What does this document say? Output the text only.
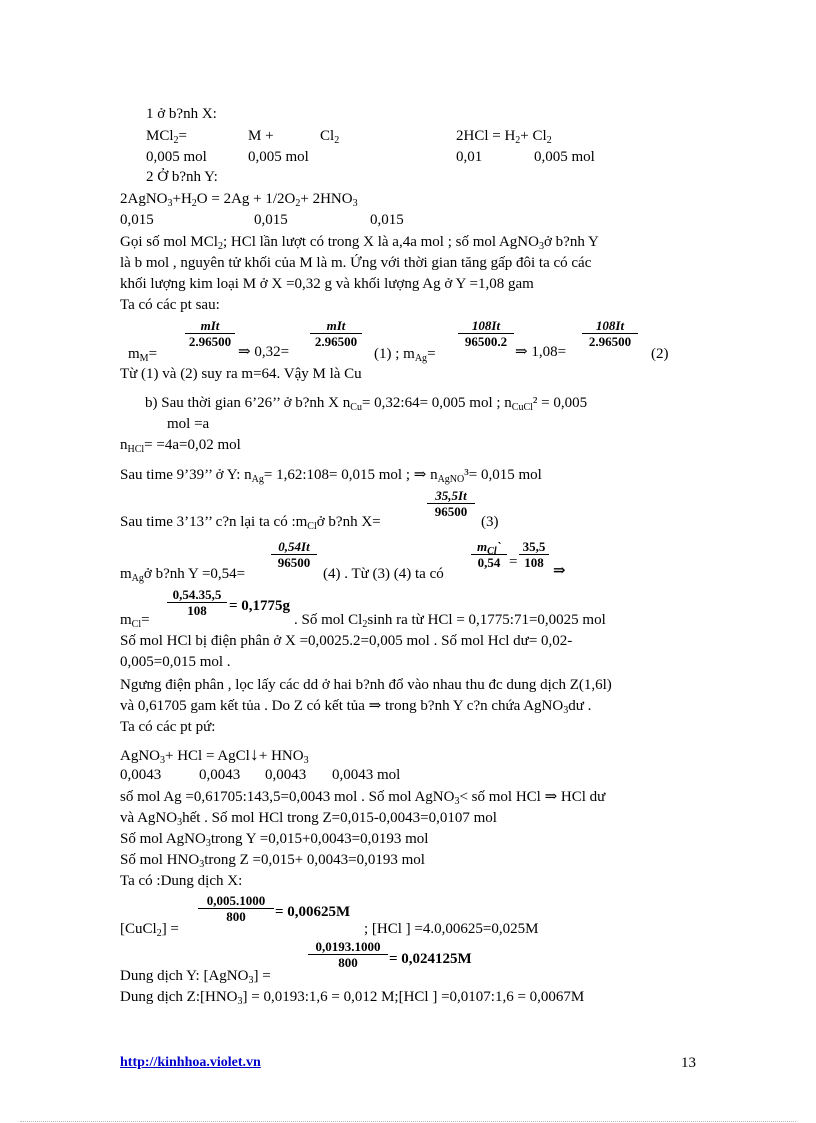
1 ở b?nh X:
MCl$_2$=	M +	$Cl_2$	$2HCl = H_2+ Cl_2$
0,005 mol	0,005 mol	0,01	0,005 mol
2 Ở b?nh Y:
$2AgNO_3+H_2O = 2Ag + 1/2O_2+ 2HNO_3$
0,015	0,015	0,015
Gọi số mol MCl$_2$; HCl lần lượt có trong X là a,4a mol ; số mol AgNO$_3$ở b?nh Y
là b mol , nguyên tử khối của M là m. Ứng với thời gian tăng gấp đôi ta có các
khối lượng kim loại M ở X =0,32 g và khối lượng Ag ở Y =1,08 gam
Ta có các pt sau:
$m_M=$
mIt
2.96500
⇒ 0,32=
mIt
2.96500
(1) ; $m_{Ag}=$
$\frac{108It}{96500.2}$
⇒ 1,08=
$\frac{108It}{2.96500}$
(2)
Từ (1) và (2) suy ra m=64. Vậy M là Cu
b) Sau thời gian 6’26’’ ở b?nh X $n_{Cu}=$ 0,32:64= 0,005 mol ; $n_{CuCl}^2 = 0,005$
mol =a
$n_{HCl}= =4a=0,02$ mol
Sau time 9’39’’ ở Y: $n_{Ag}=$ 1,62:108= 0,015 mol ; ⇒ $n_{AgNO}^3= 0,015$ mol
Sau time 3’13’’ c?n lại ta có $:m_{Cl}ở$ b?nh X=
$\frac{35,5It}{96500}$
(3)
$m_{Ag}ở$ b?nh Y =0,54=
$\frac{0,54It}{96500}$
(4) . Từ (3) (4) ta có
$m_{Cl}`$
$0,54 = \frac{35,5}{108}$
⇒
$m_{Cl}=$
$\frac{0,54.35,5}{108} = 0,1775g$
. Số mol $Cl_2\sinh$ ra từ HCl = 0,1775:71=0,0025 mol
Số mol HCl bị điện phân ở X =0,0025.2=0,005 mol . Số mol Hcl dư= 0,02-
0,005=0,015 mol .
Ngưng điện phân , lọc lấy các dd ở hai b?nh đổ vào nhau thu đc dung dịch Z(1,6l)
và 0,61705 gam kết tủa . Do Z có kết tủa ⇒ trong b?nh Y c?n chứa AgNO$_3$dư .
Ta có các pt pứ:
AgNO$_3$+ HCl = AgCl↓+ $HNO_3$
0,0043	0,0043 0,0043 0,0043 mol
số mol Ag =0,61705:143,5=0,0043 mol . Số mol AgNO$_3$< số mol HCl ⇒ HCl dư
và AgNO$_3$hết . Số mol HCl trong Z=0,015-0,0043=0,0107 mol
Số mol AgNO$_3$trong Y =0,015+0,0043=0,0193 mol
Số mol $HNO_3trong$ Z =0,015+ 0,0043=0,0193 mol
Ta có :Dung dịch X:
[CuCl$_2$] =
$\frac{0,005.1000}{800} = 0,00625M$
; [HCl ] =4.0,00625=0,025M
$\frac{0,0193.1000}{800} = 0,024125M$
Dung dịch Y: [AgNO$_3$] =
Dung dịch $Z:[HNO_3]$ = 0,0193:1,6 = 0,012 M;[HCl ] =0,0107:1,6 = 0,0067M
http://kinhhoa.violet.vn	13
